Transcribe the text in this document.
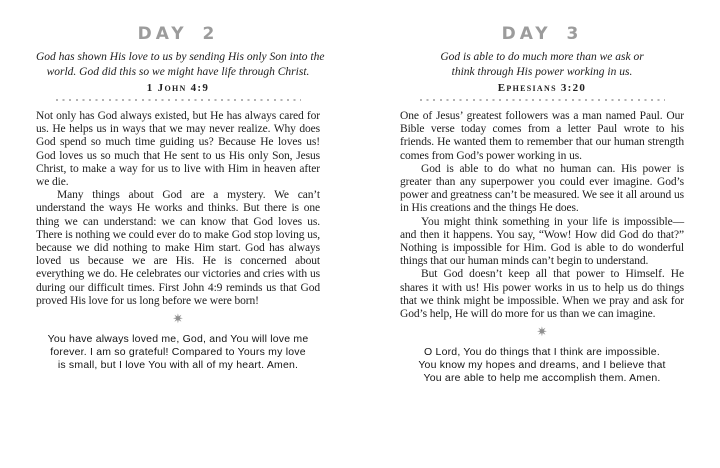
DAY 2
God has shown His love to us by sending His only Son into the
world. God did this so we might have life through Christ.
1 John 4:9

Not only has God always existed, but He has always cared for us. He helps us in ways that we may never realize. Why does God spend so much time guiding us? Because He loves us! God loves us so much that He sent to us His only Son, Jesus Christ, to make a way for us to live with Him in heaven after we die.

Many things about God are a mystery. We can’t understand the ways He works and thinks. But there is one thing we can understand: we can know that God loves us. There is nothing we could ever do to make God stop loving us, because we did nothing to make Him start. God has always loved us because we are His. He is concerned about everything we do. He celebrates our victories and cries with us during our difficult times. First John 4:9 reminds us that God proved His love for us long before we were born!

✷
You have always loved me, God, and You will love me
forever. I am so grateful! Compared to Yours my love
is small, but I love You with all of my heart. Amen.
DAY 3
God is able to do much more than we ask or
think through His power working in us.
Ephesians 3:20

One of Jesus’ greatest followers was a man named Paul. Our Bible verse today comes from a letter Paul wrote to his friends. He wanted them to remember that our human strength comes from God’s power working in us.

God is able to do what no human can. His power is greater than any superpower you could ever imagine. God’s power and greatness can’t be measured. We see it all around us in His creations and the things He does.

You might think something in your life is impossible—and then it happens. You say, “Wow! How did God do that?” Nothing is impossible for Him. God is able to do wonderful things that our human minds can’t begin to understand.

But God doesn’t keep all that power to Himself. He shares it with us! His power works in us to help us do things that we think might be impossible. When we pray and ask for God’s help, He will do more for us than we can imagine.

✷
O Lord, You do things that I think are impossible.
You know my hopes and dreams, and I believe that
You are able to help me accomplish them. Amen.
